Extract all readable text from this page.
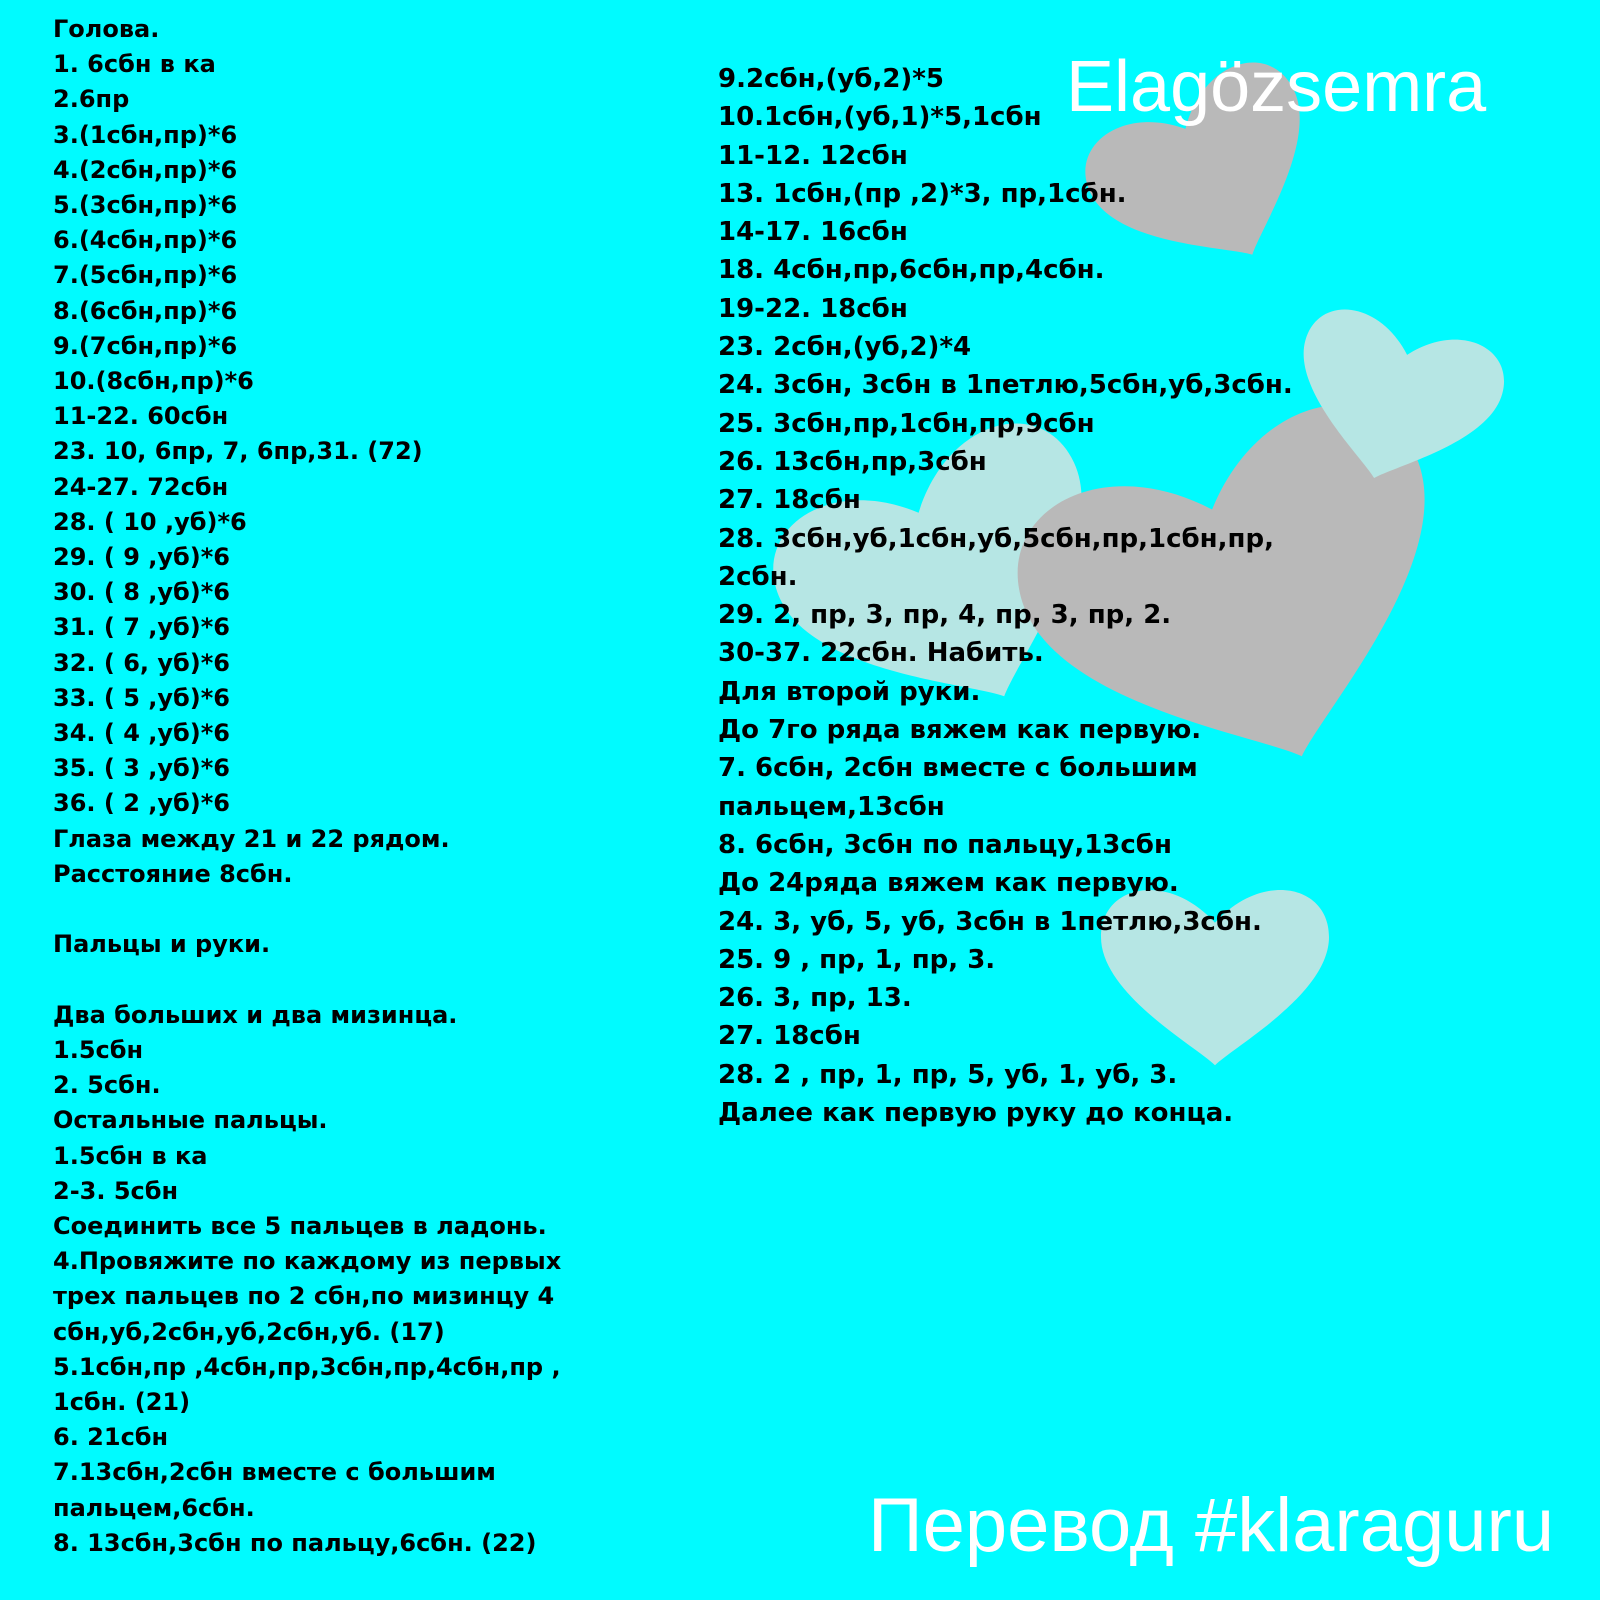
Голова.
1. 6сбн в ка
2.6пр
3.(1сбн,пр)*6
4.(2сбн,пр)*6
5.(3сбн,пр)*6
6.(4сбн,пр)*6
7.(5сбн,пр)*6
8.(6сбн,пр)*6
9.(7сбн,пр)*6
10.(8сбн,пр)*6
11-22. 60сбн
23. 10, 6пр, 7, 6пр,31. (72)
24-27. 72сбн
28. ( 10 ,уб)*6
29. ( 9 ,уб)*6
30. ( 8 ,уб)*6
31. ( 7 ,уб)*6
32. ( 6, уб)*6
33. ( 5 ,уб)*6
34. ( 4 ,уб)*6
35. ( 3 ,уб)*6
36. ( 2 ,уб)*6
Глаза между 21 и 22 рядом.
Расстояние 8сбн.

Пальцы и руки.

Два больших и два мизинца.
1.5сбн
2. 5сбн.
Остальные пальцы.
1.5сбн в ка
2-3. 5сбн
Соединить все 5 пальцев в ладонь.
4.Провяжите по каждому из первых
трех пальцев по 2 сбн,по мизинцу 4
сбн,уб,2сбн,уб,2сбн,уб. (17)
5.1сбн,пр ,4сбн,пр,3сбн,пр,4сбн,пр ,
1сбн. (21)
6. 21сбн
7.13сбн,2сбн вместе с большим
пальцем,6сбн.
8. 13сбн,3сбн по пальцу,6сбн. (22)
9.2сбн,(уб,2)*5
10.1сбн,(уб,1)*5,1сбн
11-12. 12сбн
13. 1сбн,(пр ,2)*3, пр,1сбн.
14-17. 16сбн
18. 4сбн,пр,6сбн,пр,4сбн.
19-22. 18сбн
23. 2сбн,(уб,2)*4
24. 3сбн, 3сбн в 1петлю,5сбн,уб,3сбн.
25. 3сбн,пр,1сбн,пр,9сбн
26. 13сбн,пр,3сбн
27. 18сбн
28. 3сбн,уб,1сбн,уб,5сбн,пр,1сбн,пр,
2сбн.
29. 2, пр, 3, пр, 4, пр, 3, пр, 2.
30-37. 22сбн. Набить.
Для второй руки.
До 7го ряда вяжем как первую.
7. 6сбн, 2сбн вместе с большим
пальцем,13сбн
8. 6сбн, 3сбн по пальцу,13сбн
До 24ряда вяжем как первую.
24. 3, уб, 5, уб, 3сбн в 1петлю,3сбн.
25. 9 , пр, 1, пр, 3.
26. 3, пр, 13.
27. 18сбн
28. 2 , пр, 1, пр, 5, уб, 1, уб, 3.
Далее как первую руку до конца.
Elagözsemra
Перевод #klaraguru
